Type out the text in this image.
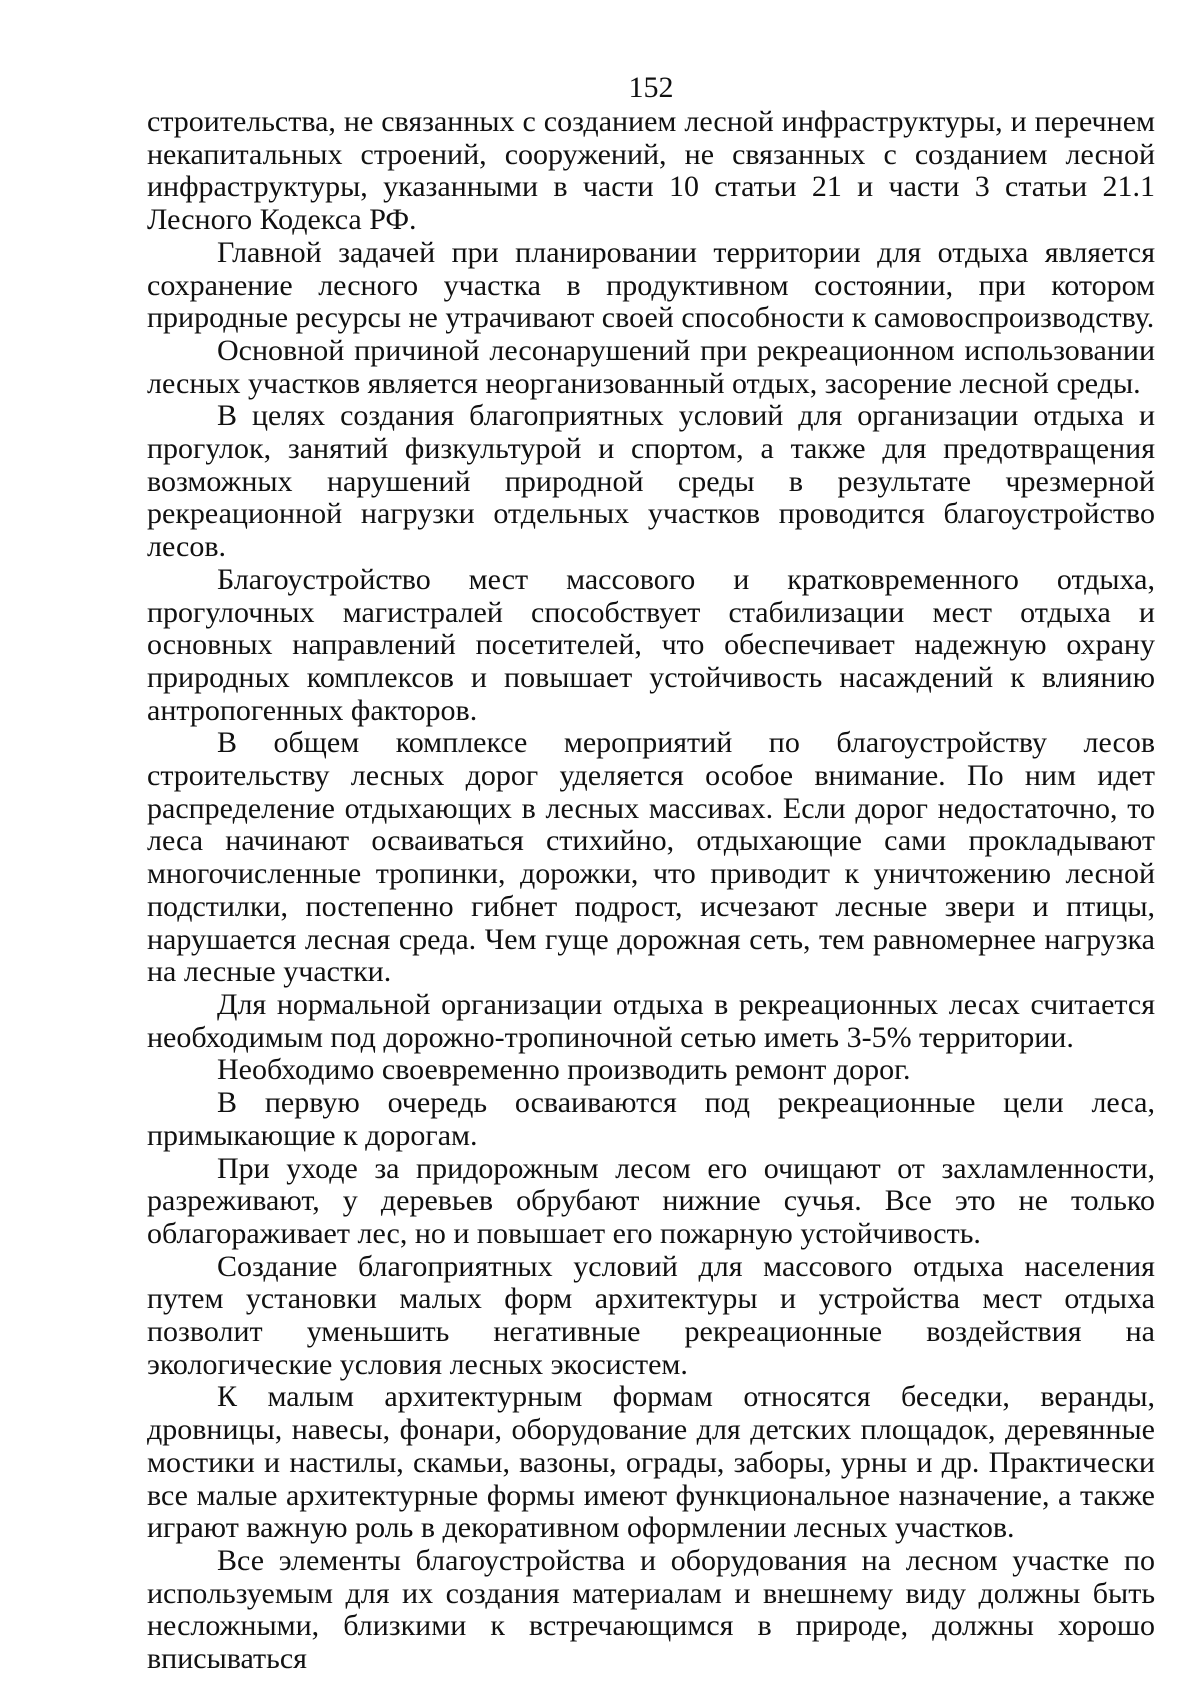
152

строительства, не связанных с созданием лесной инфраструктуры, и перечнем некапитальных строений, сооружений, не связанных с созданием лесной инфраструктуры, указанными в части 10 статьи 21 и части 3 статьи 21.1 Лесного Кодекса РФ.

Главной задачей при планировании территории для отдыха является сохранение лесного участка в продуктивном состоянии, при котором природные ресурсы не утрачивают своей способности к самовоспроизводству.

Основной причиной лесонарушений при рекреационном использовании лесных участков является неорганизованный отдых, засорение лесной среды.

В целях создания благоприятных условий для организации отдыха и прогулок, занятий физкультурой и спортом, а также для предотвращения возможных нарушений природной среды в результате чрезмерной рекреационной нагрузки отдельных участков проводится благоустройство лесов.

Благоустройство мест массового и кратковременного отдыха, прогулочных магистралей способствует стабилизации мест отдыха и основных направлений посетителей, что обеспечивает надежную охрану природных комплексов и повышает устойчивость насаждений к влиянию антропогенных факторов.

В общем комплексе мероприятий по благоустройству лесов строительству лесных дорог уделяется особое внимание. По ним идет распределение отдыхающих в лесных массивах. Если дорог недостаточно, то леса начинают осваиваться стихийно, отдыхающие сами прокладывают многочисленные тропинки, дорожки, что приводит к уничтожению лесной подстилки, постепенно гибнет подрост, исчезают лесные звери и птицы, нарушается лесная среда. Чем гуще дорожная сеть, тем равномернее нагрузка на лесные участки.

Для нормальной организации отдыха в рекреационных лесах считается необходимым под дорожно-тропиночной сетью иметь 3-5% территории.

Необходимо своевременно производить ремонт дорог.

В первую очередь осваиваются под рекреационные цели леса, примыкающие к дорогам.

При уходе за придорожным лесом его очищают от захламленности, разреживают, у деревьев обрубают нижние сучья. Все это не только облагораживает лес, но и повышает его пожарную устойчивость.

Создание благоприятных условий для массового отдыха населения путем установки малых форм архитектуры и устройства мест отдыха позволит уменьшить негативные рекреационные воздействия на экологические условия лесных экосистем.

К малым архитектурным формам относятся беседки, веранды, дровницы, навесы, фонари, оборудование для детских площадок, деревянные мостики и настилы, скамьи, вазоны, ограды, заборы, урны и др. Практически все малые архитектурные формы имеют функциональное назначение, а также играют важную роль в декоративном оформлении лесных участков.

Все элементы благоустройства и оборудования на лесном участке по используемым для их создания материалам и внешнему виду должны быть несложными, близкими к встречающимся в природе, должны хорошо вписываться
